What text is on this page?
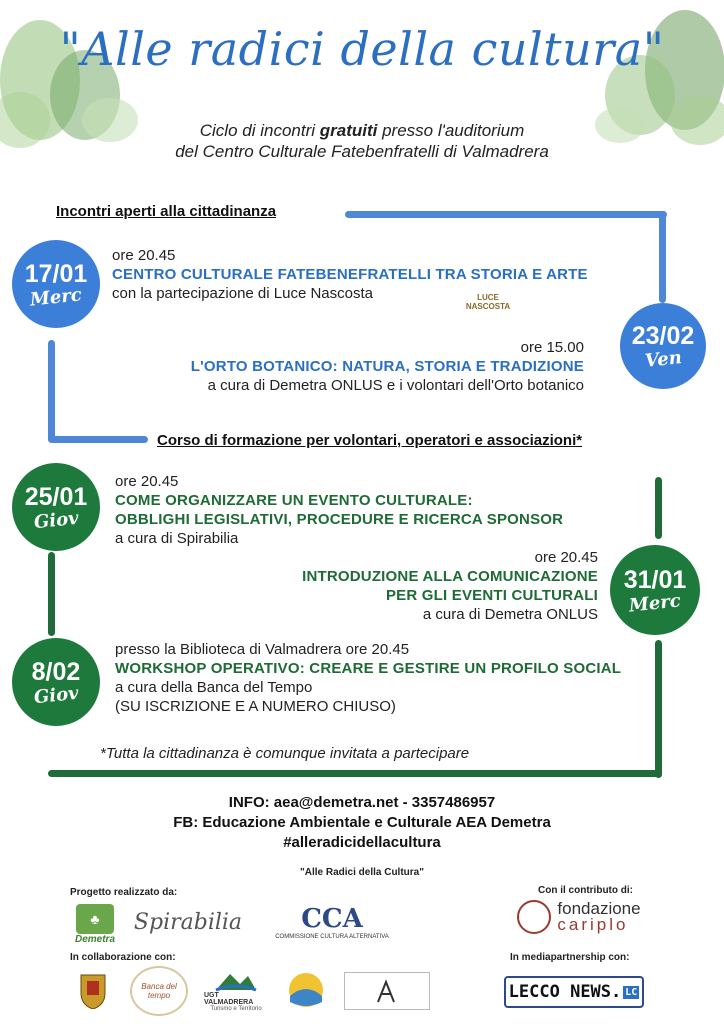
"Alle radici della cultura"
Ciclo di incontri gratuiti presso l'auditorium
del Centro Culturale Fatebenfratelli di Valmadrera
Incontri aperti alla cittadinanza
Corso di formazione per volontari, operatori e associazioni*
17/01
Merc
ore 20.45
CENTRO CULTURALE FATEBENEFRATELLI TRA STORIA E ARTE
con la partecipazione di Luce Nascosta	LUCE NASCOSTA
23/02
Ven
ore 15.00
L'ORTO BOTANICO: NATURA, STORIA E TRADIZIONE
a cura di Demetra ONLUS e i volontari dell'Orto botanico
25/01
Giov
ore 20.45
COME ORGANIZZARE UN EVENTO CULTURALE:
OBBLIGHI LEGISLATIVI, PROCEDURE E RICERCA SPONSOR
a cura di Spirabilia
31/01
Merc
ore 20.45
INTRODUZIONE ALLA COMUNICAZIONE
PER GLI EVENTI CULTURALI
a cura di Demetra ONLUS
8/02
Giov
presso la Biblioteca di Valmadrera ore 20.45
WORKSHOP OPERATIVO: CREARE E GESTIRE UN PROFILO SOCIAL
a cura della Banca del Tempo
(SU ISCRIZIONE E A NUMERO CHIUSO)
*Tutta la cittadinanza è comunque invitata a partecipare
INFO: aea@demetra.net - 3357486957
FB: Educazione Ambientale e Culturale AEA Demetra
#alleradicidellacultura
"Alle Radici della Cultura"
Progetto realizzato da:	Con il contributo di:
♣
Demetra
Spirabilia CCA
COMMISSIONE CULTURA ALTERNATIVA
fondazione
cariplo
In collaborazione con:	In mediapartnership con:
Banca del tempo	UGT VALMADRERA
Turismo e Territorio
LECCO NEWS. LC
